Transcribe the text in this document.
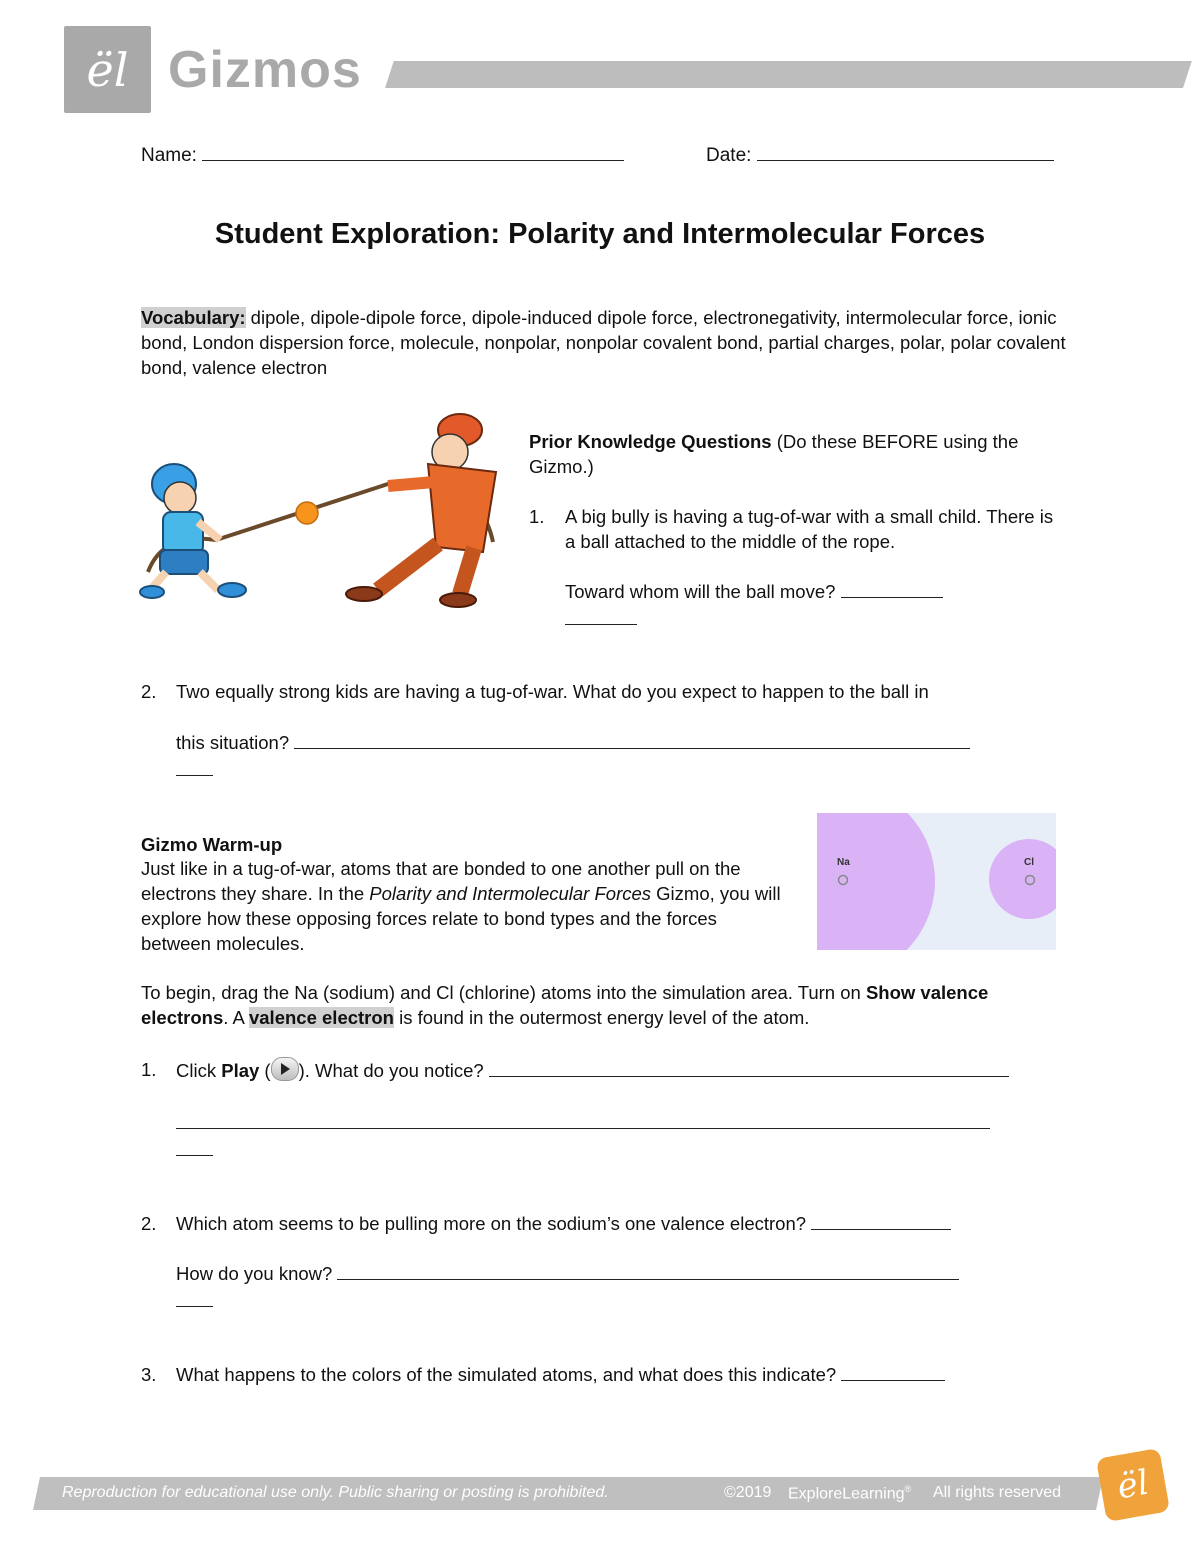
ël Gizmos
Name:	Date:
Student Exploration: Polarity and Intermolecular Forces
Vocabulary: dipole, dipole-dipole force, dipole-induced dipole force, electronegativity, intermolecular force, ionic bond, London dispersion force, molecule, nonpolar, nonpolar covalent bond, partial charges, polar, polar covalent bond, valence electron
Prior Knowledge Questions (Do these BEFORE using the Gizmo.)
1. A big bully is having a tug-of-war with a small child. There is a ball attached to the middle of the rope.
Toward whom will the ball move?
2. Two equally strong kids are having a tug-of-war. What do you expect to happen to the ball in
this situation?
Gizmo Warm-up
Just like in a tug-of-war, atoms that are bonded to one another pull on the electrons they share. In the Polarity and Intermolecular Forces Gizmo, you will explore how these opposing forces relate to bond types and the forces between molecules.
Na	Cl
To begin, drag the Na (sodium) and Cl (chlorine) atoms into the simulation area. Turn on Show valence electrons. A valence electron is found in the outermost energy level of the atom.
1. Click Play ( ). What do you notice?
2. Which atom seems to be pulling more on the sodium’s one valence electron?
How do you know?
3. What happens to the colors of the simulated atoms, and what does this indicate?
Reproduction for educational use only. Public sharing or posting is prohibited.	©2019 ExploreLearning® All rights reserved	ël
